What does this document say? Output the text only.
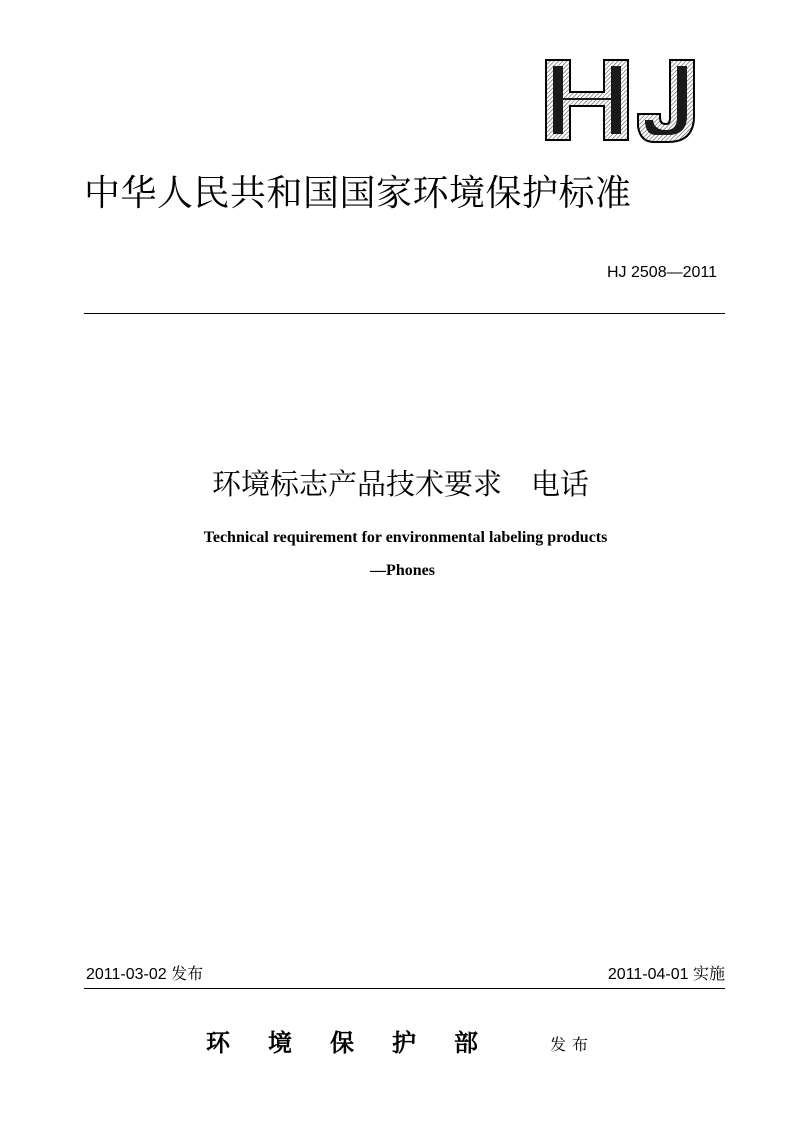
HJ
中华人民共和国国家环境保护标准
HJ 2508—2011
环境标志产品技术要求　电话
Technical requirement for environmental labeling products
—Phones
2011-03-02 发布	2011-04-01 实施
环境保护部 发布
